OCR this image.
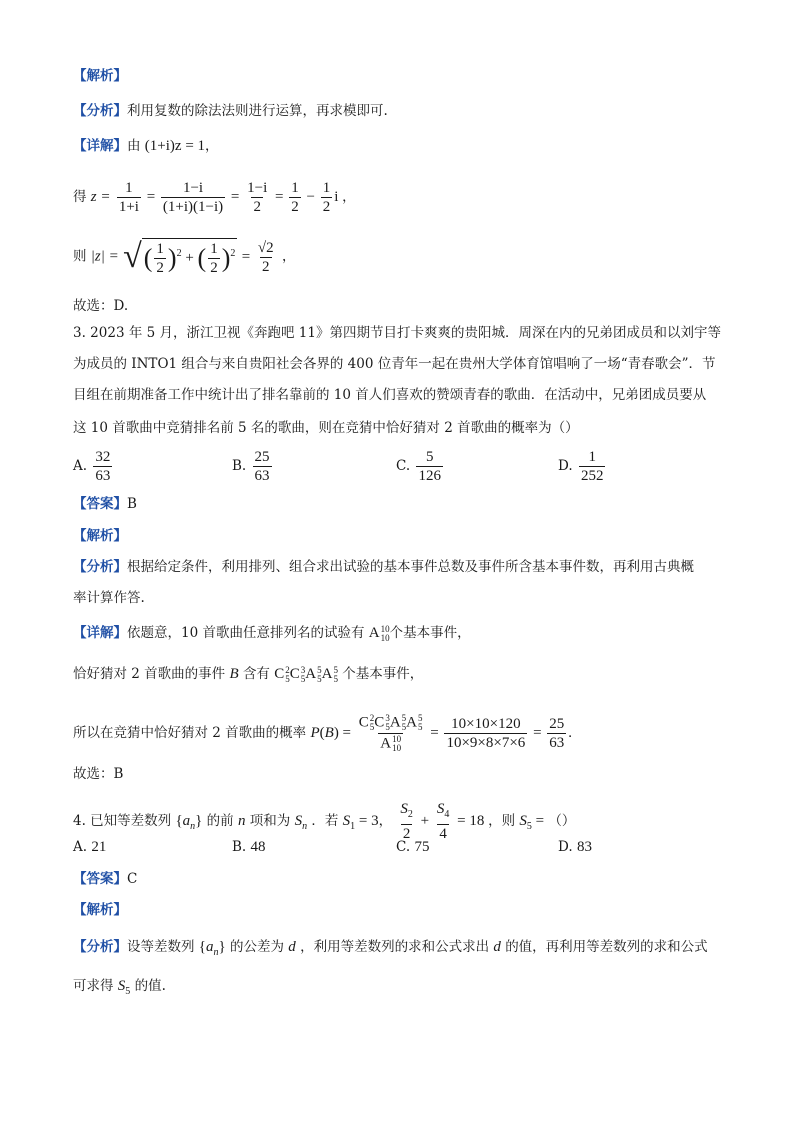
【解析】
【分析】利用复数的除法法则进行运算，再求模即可.
【详解】由 (1+i)z = 1，
得 $z = \frac{1}{1+i} = \frac{1-i}{(1+i)(1-i)} = \frac{1-i}{2} = \frac{1}{2} - \frac{1}{2}$ i ，
则 |z| = √( $\frac{1}{2} )^2$ + ( $\frac{1}{2} )^2 = \frac{√2}{2}$ ，
故选：D.
3. 2023 年 5 月，浙江卫视《奔跑吧 11》第四期节目打卡爽爽的贵阳城．周深在内的兄弟团成员和以刘宇等
为成员的 INTO1 组合与来自贵阳社会各界的 400 位青年一起在贵州大学体育馆唱响了一场“青春歌会”．节
目组在前期准备工作中统计出了排名靠前的 10 首人们喜欢的赞颂青春的歌曲．在活动中，兄弟团成员要从
这 10 首歌曲中竞猜排名前 5 名的歌曲，则在竞猜中恰好猜对 2 首歌曲的概率为（）
A. $\frac{32}{63}$	B. $\frac{25}{63}$	C. $\frac{5}{126}$	D. $\frac{1}{252}$
【答案】B
【解析】
【分析】根据给定条件，利用排列、组合求出试验的基本事件总数及事件所含基本事件数，再利用古典概
率计算作答.
【详解】依题意，10 首歌曲任意排列名的试验有 A 10
10 个基本事件，
恰好猜对 2 首歌曲的事件 B 含有 C 2
5 C 3
5 A 5
5 A 5
5 个基本事件，
所以在竞猜中恰好猜对 2 首歌曲的概率 P(B) = C 2
5 C 3
5 A 5
5 A 5
5
A 10
$10 = \frac{10\times 10\times 120}{10\times 9\times 8\times 7\times 6} = \frac{25}{63}$ .
故选：B
4. 已知等差数列 $\{a_n\}$ 的前 n 项和为 $S_n$ ．若 $S_1 = 3$， $\frac{S_2}{2} + \frac{S_4}{4} = 18$ ，则 $S_5$ = （）
A. 21	B. 48	C. 75	D. 83
【答案】C
【解析】
【分析】设等差数列 $\{a_n\}$ 的公差为 d ，利用等差数列的求和公式求出 d 的值，再利用等差数列的求和公式
可求得 $S_5$ 的值.
